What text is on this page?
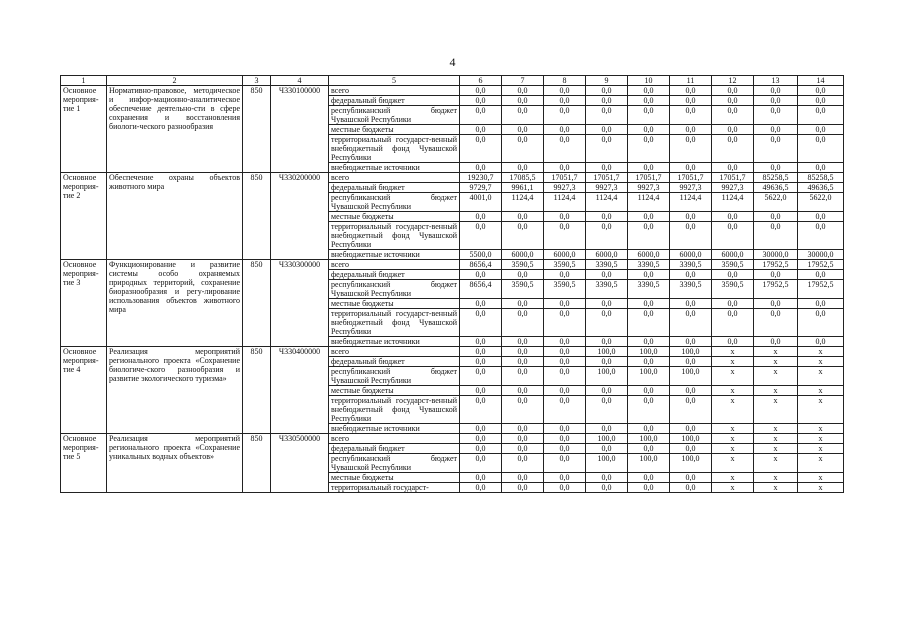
4
1	2	3	4	5	6	7	8	9	10	11	12	13	14
Основное мероприя-тие 1	Нормативно-правовое, методическое и инфор-мационно-аналитическое обеспечение деятельно-сти в сфере сохранения и восстановления биологи-ческого разнообразия	850	Ч330100000	всего	0,0	0,0	0,0	0,0	0,0	0,0	0,0	0,0	0,0
				федеральный бюджет	0,0	0,0	0,0	0,0	0,0	0,0	0,0	0,0	0,0
				республиканский бюджет Чувашской Республики	0,0	0,0	0,0	0,0	0,0	0,0	0,0	0,0	0,0
				местные бюджеты	0,0	0,0	0,0	0,0	0,0	0,0	0,0	0,0	0,0
				территориальный государст-венный внебюджетный фонд Чувашской Республики	0,0	0,0	0,0	0,0	0,0	0,0	0,0	0,0	0,0
				внебюджетные источники	0,0	0,0	0,0	0,0	0,0	0,0	0,0	0,0	0,0
Основное мероприя-тие 2	Обеспечение охраны объектов животного мира	850	Ч330200000	всего	19230,7	17085,5	17051,7	17051,7	17051,7	17051,7	17051,7	85258,5	85258,5
				федеральный бюджет	9729,7	9961,1	9927,3	9927,3	9927,3	9927,3	9927,3	49636,5	49636,5
				республиканский бюджет Чувашской Республики	4001,0	1124,4	1124,4	1124,4	1124,4	1124,4	1124,4	5622,0	5622,0
				местные бюджеты	0,0	0,0	0,0	0,0	0,0	0,0	0,0	0,0	0,0
				территориальный государст-венный внебюджетный фонд Чувашской Республики	0,0	0,0	0,0	0,0	0,0	0,0	0,0	0,0	0,0
				внебюджетные источники	5500,0	6000,0	6000,0	6000,0	6000,0	6000,0	6000,0	30000,0	30000,0
Основное мероприя-тие 3	Функционирование и развитие системы особо охраняемых природных территорий, сохранение биоразнообразия и регу-лирование использования объектов животного мира	850	Ч330300000	всего	8656,4	3590,5	3590,5	3390,5	3390,5	3390,5	3590,5	17952,5	17952,5
				федеральный бюджет	0,0	0,0	0,0	0,0	0,0	0,0	0,0	0,0	0,0
				республиканский бюджет Чувашской Республики	8656,4	3590,5	3590,5	3390,5	3390,5	3390,5	3590,5	17952,5	17952,5
				местные бюджеты	0,0	0,0	0,0	0,0	0,0	0,0	0,0	0,0	0,0
				территориальный государст-венный внебюджетный фонд Чувашской Республики	0,0	0,0	0,0	0,0	0,0	0,0	0,0	0,0	0,0
				внебюджетные источники	0,0	0,0	0,0	0,0	0,0	0,0	0,0	0,0	0,0
Основное мероприя-тие 4	Реализация мероприятий регионального проекта «Сохранение биологиче-ского разнообразия и развитие экологического туризма»	850	Ч330400000	всего	0,0	0,0	0,0	100,0	100,0	100,0	х	х	х
				федеральный бюджет	0,0	0,0	0,0	0,0	0,0	0,0	х	х	х
				республиканский бюджет Чувашской Республики	0,0	0,0	0,0	100,0	100,0	100,0	х	х	х
				местные бюджеты	0,0	0,0	0,0	0,0	0,0	0,0	х	х	х
				территориальный государст-венный внебюджетный фонд Чувашской Республики	0,0	0,0	0,0	0,0	0,0	0,0	х	х	х
				внебюджетные источники	0,0	0,0	0,0	0,0	0,0	0,0	х	х	х
Основное мероприя-тие 5	Реализация мероприятий регионального проекта «Сохранение уникальных водных объектов»	850	Ч330500000	всего	0,0	0,0	0,0	100,0	100,0	100,0	х	х	х
				федеральный бюджет	0,0	0,0	0,0	0,0	0,0	0,0	х	х	х
				республиканский бюджет Чувашской Республики	0,0	0,0	0,0	100,0	100,0	100,0	х	х	х
				местные бюджеты	0,0	0,0	0,0	0,0	0,0	0,0	х	х	х
				территориальный государст-	0,0	0,0	0,0	0,0	0,0	0,0	х	х	х
